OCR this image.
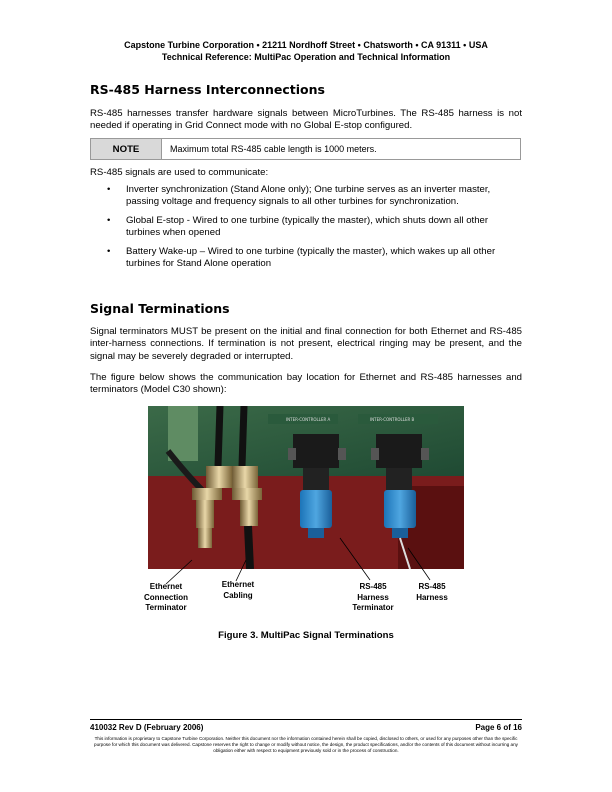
Capstone Turbine Corporation • 21211 Nordhoff Street • Chatsworth • CA 91311 • USA
Technical Reference: MultiPac Operation and Technical Information
RS-485 Harness Interconnections
RS-485 harnesses transfer hardware signals between MicroTurbines. The RS-485 harness is not needed if operating in Grid Connect mode with no Global E-stop configured.
NOTE	Maximum total RS-485 cable length is 1000 meters.
RS-485 signals are used to communicate:
• Inverter synchronization (Stand Alone only); One turbine serves as an inverter master, passing voltage and frequency signals to all other turbines for synchronization.
• Global E-stop - Wired to one turbine (typically the master), which shuts down all other turbines when opened
• Battery Wake-up – Wired to one turbine (typically the master), which wakes up all other turbines for Stand Alone operation
Signal Terminations
Signal terminators MUST be present on the initial and final connection for both Ethernet and RS-485 inter-harness connections. If termination is not present, electrical ringing may be present, and the signal may be severely degraded or interrupted.
The figure below shows the communication bay location for Ethernet and RS-485 harnesses and terminators (Model C30 shown):
INTER-CONTROLLER A	INTER-CONTROLLER B
Ethernet
Connection
Terminator
Ethernet
Cabling
RS-485
Harness
Terminator
RS-485
Harness
Figure 3. MultiPac Signal Terminations
410032 Rev D (February 2006)	Page 6 of 16
This information is proprietary to Capstone Turbine Corporation. Neither this document nor the information contained herein shall be copied, disclosed to others, or used for any purposes other than the specific purpose for which this document was delivered. Capstone reserves the right to change or modify without notice, the design, the product specifications, and/or the contents of this document without incurring any obligation either with respect to equipment previously sold or in the process of construction.
